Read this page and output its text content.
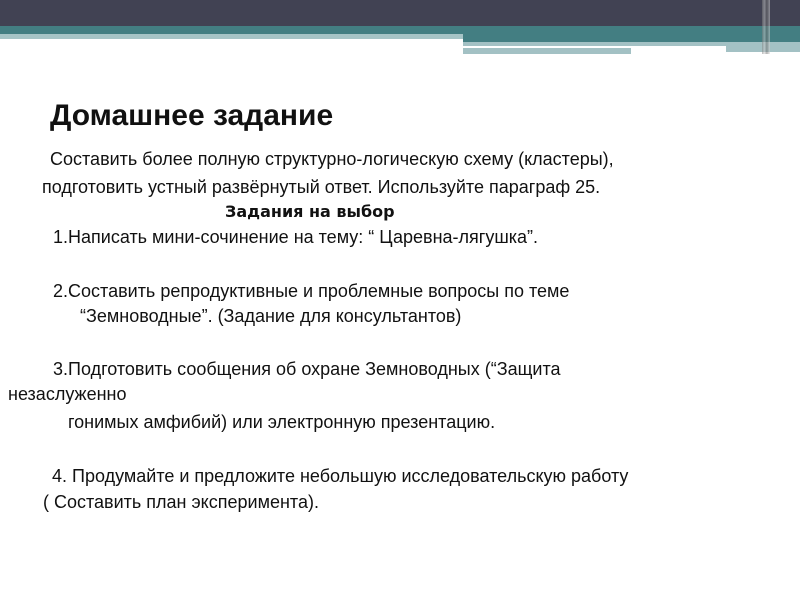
Домашнее задание
Составить более полную структурно-логическую схему (кластеры),
подготовить устный развёрнутый ответ. Используйте параграф 25.
Задания на выбор
1.Написать мини-сочинение на тему: “ Царевна-лягушка”.
2.Составить репродуктивные и проблемные вопросы по теме
“Земноводные”. (Задание для консультантов)
3.Подготовить сообщения об охране Земноводных (“Защита
незаслуженно
гонимых амфибий) или электронную презентацию.
4. Продумайте и предложите небольшую исследовательскую работу
( Составить план эксперимента).
